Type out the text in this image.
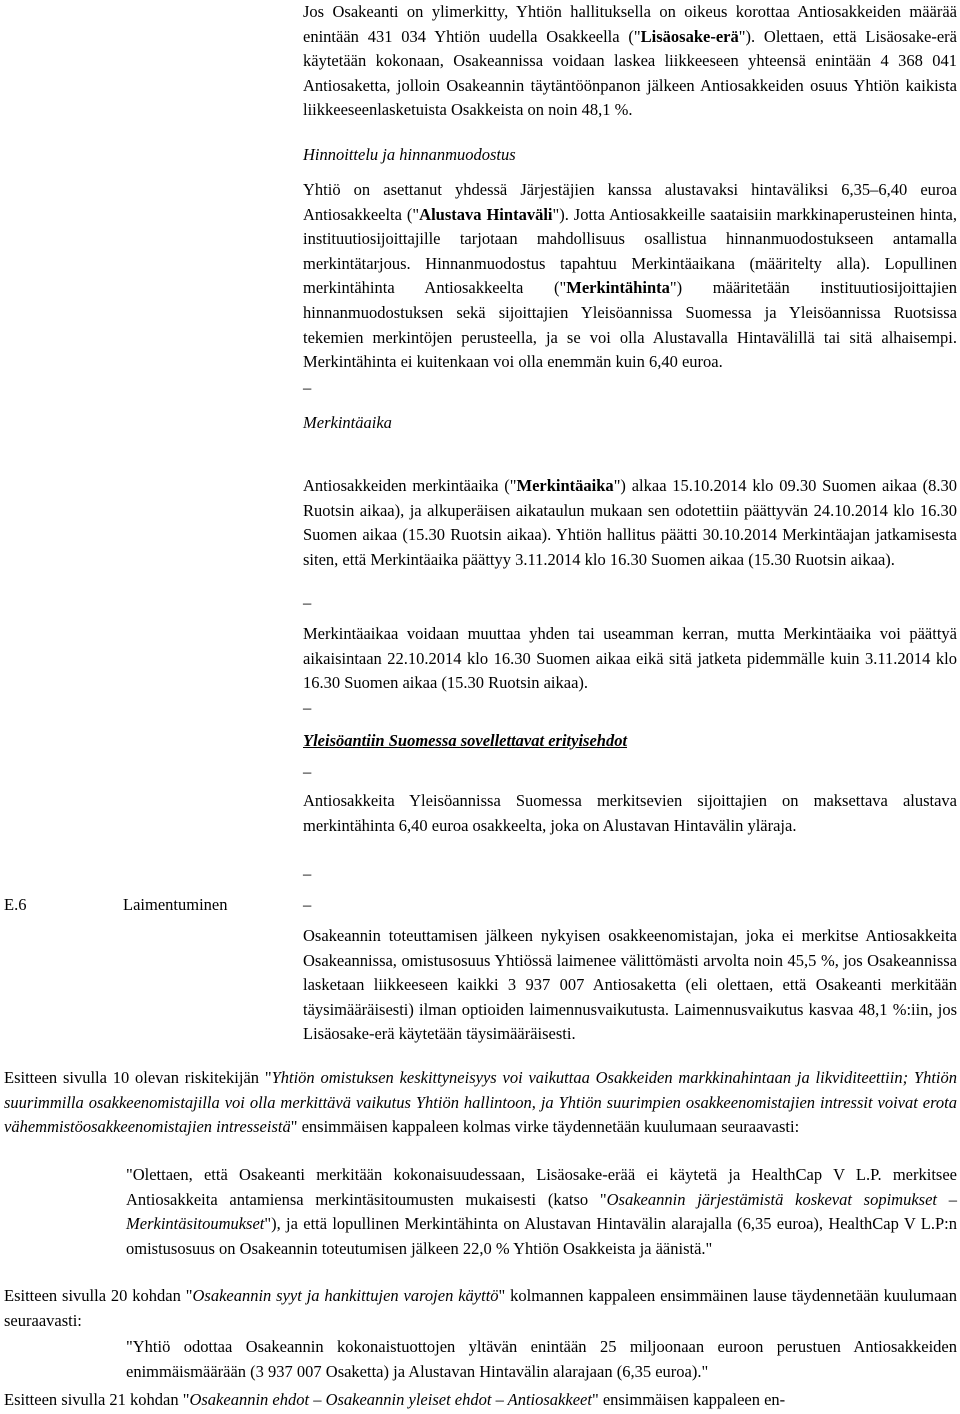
Jos Osakeanti on ylimerkitty, Yhtiön hallituksella on oikeus korottaa Antiosakkeiden määrää enintään 431 034 Yhtiön uudella Osakkeella ("Lisäosake-erä"). Olettaen, että Lisäosake-erä käytetään kokonaan, Osakeannissa voidaan laskea liikkeeseen yhteensä enintään 4 368 041 Antiosaketta, jolloin Osakeannin täytäntöönpanon jälkeen Antiosakkeiden osuus Yhtiön kaikista liikkeeseenlasketuista Osakkeista on noin 48,1 %.

Hinnoittelu ja hinnanmuodostus

Yhtiö on asettanut yhdessä Järjestäjien kanssa alustavaksi hintaväliksi 6,35–6,40 euroa Antiosakkeelta ("Alustava Hintaväli"). Jotta Antiosakkeille saataisiin markkinaperusteinen hinta, instituutiosijoittajille tarjotaan mahdollisuus osallistua hinnanmuodostukseen antamalla merkintätarjous. Hinnanmuodostus tapahtuu Merkintäaikana (määritelty alla). Lopullinen merkintähinta Antiosakkeelta ("Merkintähinta") määritetään instituutiosijoittajien hinnanmuodostuksen sekä sijoittajien Yleisöannissa Suomessa ja Yleisöannissa Ruotsissa tekemien merkintöjen perusteella, ja se voi olla Alustavalla Hintavälillä tai sitä alhaisempi. Merkintähinta ei kuitenkaan voi olla enemmän kuin 6,40 euroa.

–

Merkintäaika

Antiosakkeiden merkintäaika ("Merkintäaika") alkaa 15.10.2014 klo 09.30 Suomen aikaa (8.30 Ruotsin aikaa), ja alkuperäisen aikataulun mukaan sen odotettiin päättyvän 24.10.2014 klo 16.30 Suomen aikaa (15.30 Ruotsin aikaa). Yhtiön hallitus päätti 30.10.2014 Merkintäajan jatkamisesta siten, että Merkintäaika päättyy 3.11.2014 klo 16.30 Suomen aikaa (15.30 Ruotsin aikaa).

–

Merkintäaikaa voidaan muuttaa yhden tai useamman kerran, mutta Merkintäaika voi päättyä aikaisintaan 22.10.2014 klo 16.30 Suomen aikaa eikä sitä jatketa pidemmälle kuin 3.11.2014 klo 16.30 Suomen aikaa (15.30 Ruotsin aikaa).

–

Yleisöantiin Suomessa sovellettavat erityisehdot

–

Antiosakkeita Yleisöannissa Suomessa merkitsevien sijoittajien on maksettava alustava merkintähinta 6,40 euroa osakkeelta, joka on Alustavan Hintavälin yläraja.

–

E.6	Laimentuminen	–

Osakeannin toteuttamisen jälkeen nykyisen osakkeenomistajan, joka ei merkitse Antiosakkeita Osakeannissa, omistusosuus Yhtiössä laimenee välittömästi arvolta noin 45,5 %, jos Osakeannissa lasketaan liikkeeseen kaikki 3 937 007 Antiosaketta (eli olettaen, että Osakeanti merkitään täysimääräisesti) ilman optioiden laimennusvaikutusta. Laimennusvaikutus kasvaa 48,1 %:iin, jos Lisäosake-erä käytetään täysimääräisesti.

Esitteen sivulla 10 olevan riskitekijän "Yhtiön omistuksen keskittyneisyys voi vaikuttaa Osakkeiden markkinahintaan ja likviditeettiin; Yhtiön suurimmilla osakkeenomistajilla voi olla merkittävä vaikutus Yhtiön hallintoon, ja Yhtiön suurimpien osakkeenomistajien intressit voivat erota vähemmistöosakkeenomistajien intresseistä" ensimmäisen kappaleen kolmas virke täydennetään kuulumaan seuraavasti:

"Olettaen, että Osakeanti merkitään kokonaisuudessaan, Lisäosake-erää ei käytetä ja HealthCap V L.P. merkitsee Antiosakkeita antamiensa merkintäsitoumusten mukaisesti (katso "Osakeannin järjestämistä koskevat sopimukset – Merkintäsitoumukset"), ja että lopullinen Merkintähinta on Alustavan Hintavälin alarajalla (6,35 euroa), HealthCap V L.P:n omistusosuus on Osakeannin toteutumisen jälkeen 22,0 % Yhtiön Osakkeista ja äänistä."

Esitteen sivulla 20 kohdan "Osakeannin syyt ja hankittujen varojen käyttö" kolmannen kappaleen ensimmäinen lause täydennetään kuulumaan seuraavasti:

"Yhtiö odottaa Osakeannin kokonaistuottojen yltävän enintään 25 miljoonaan euroon perustuen Antiosakkeiden enimmäismäärään (3 937 007 Osaketta) ja Alustavan Hintavälin alarajaan (6,35 euroa)."

Esitteen sivulla 21 kohdan "Osakeannin ehdot – Osakeannin yleiset ehdot – Antiosakkeet" ensimmäisen kappaleen en-
